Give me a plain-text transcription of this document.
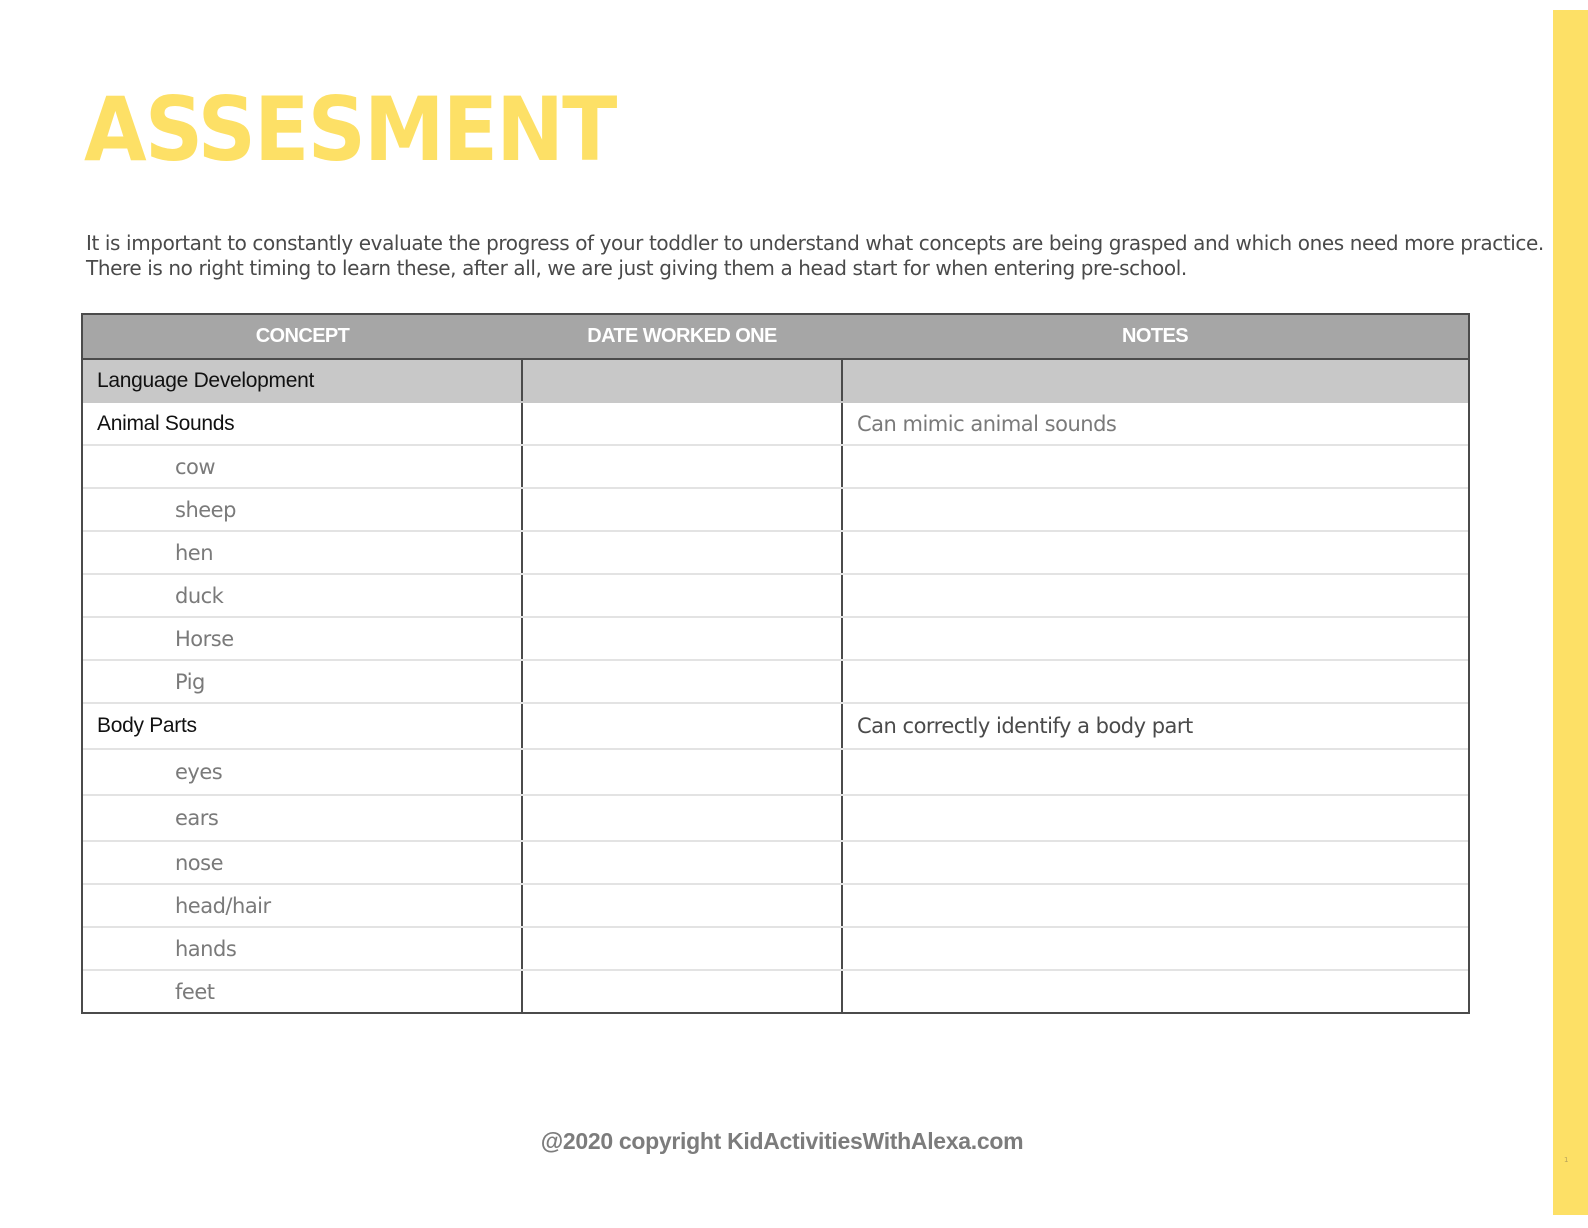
1
ASSESMENT

It is important to constantly evaluate the progress of your toddler to understand what concepts are being grasped and which ones need more practice.
There is no right timing to learn these, after all, we are just giving them a head start for when entering pre-school.

CONCEPT	DATE WORKED ONE	NOTES
Language Development		
Animal Sounds		Can mimic animal sounds
cow		
sheep		
hen		
duck		
Horse		
Pig		
Body Parts		Can correctly identify a body part
eyes		
ears		
nose		
head/hair		
hands		
feet		

@2020 copyright KidActivitiesWithAlexa.com
